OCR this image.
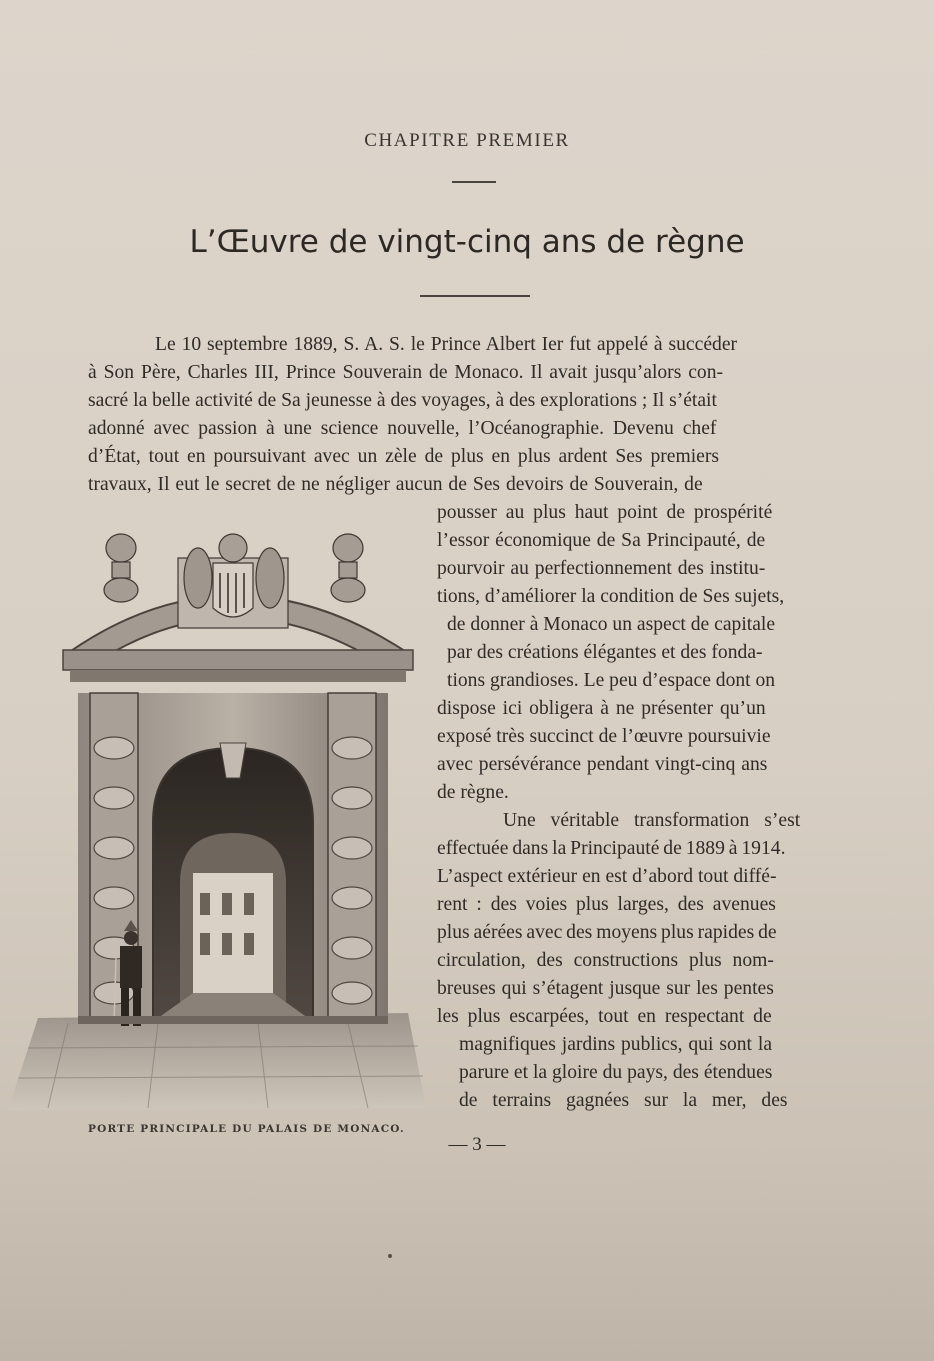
CHAPITRE PREMIER
L’Œuvre de vingt-cinq ans de règne
Le 10 septembre 1889, S. A. S. le Prince Albert Ier fut appelé à succéder
à Son Père, Charles III, Prince Souverain de Monaco. Il avait jusqu’alors con-
sacré la belle activité de Sa jeunesse à des voyages, à des explorations ; Il s’était
adonné avec passion à une science nouvelle, l’Océanographie. Devenu chef
d’État, tout en poursuivant avec un zèle de plus en plus ardent Ses premiers
travaux, Il eut le secret de ne négliger aucun de Ses devoirs de Souverain, de
pousser au plus haut point de prospérité
l’essor économique de Sa Principauté, de
pourvoir au perfectionnement des institu-
tions, d’améliorer la condition de Ses sujets,
de donner à Monaco un aspect de capitale
par des créations élégantes et des fonda-
tions grandioses. Le peu d’espace dont on
dispose ici obligera à ne présenter qu’un
exposé très succinct de l’œuvre poursuivie
avec persévérance pendant vingt-cinq ans
de règne.
Une véritable transformation s’est
effectuée dans la Principauté de 1889 à 1914.
L’aspect extérieur en est d’abord tout diffé-
rent : des voies plus larges, des avenues
plus aérées avec des moyens plus rapides de
circulation, des constructions plus nom-
breuses qui s’étagent jusque sur les pentes
les plus escarpées, tout en respectant de
magnifiques jardins publics, qui sont la
parure et la gloire du pays, des étendues
de terrains gagnées sur la mer, des
PORTE PRINCIPALE DU PALAIS DE MONACO.
— 3 —
